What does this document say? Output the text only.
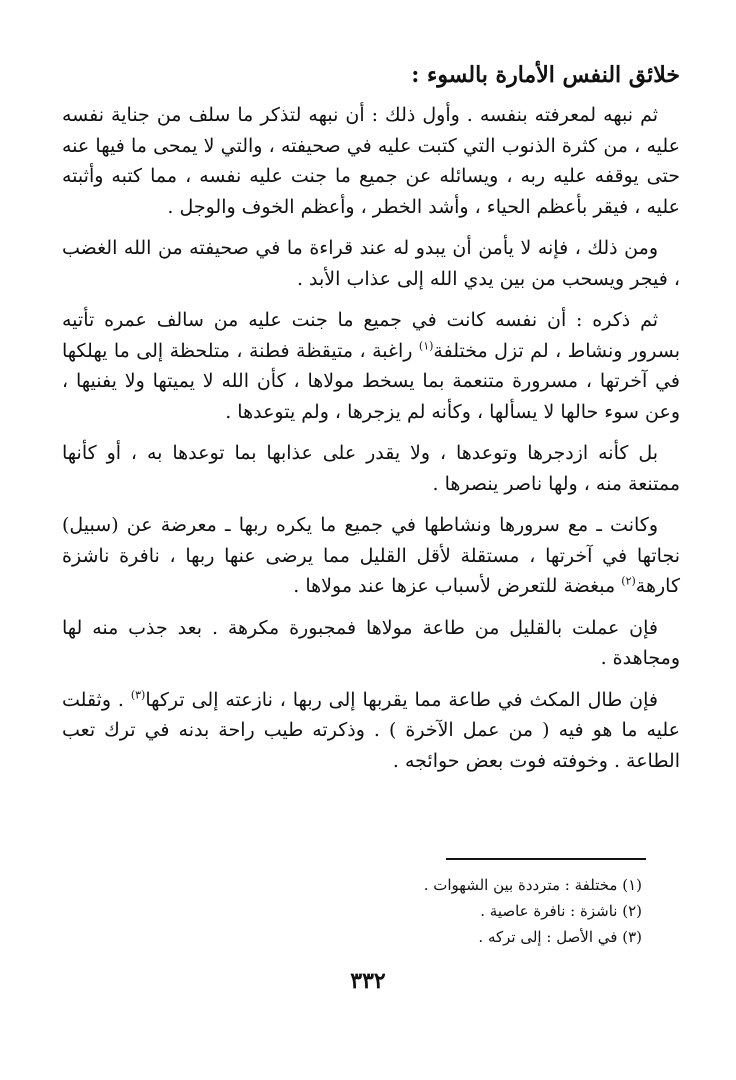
خلائق النفس الأمارة بالسوء :

ثم نبهه لمعرفته بنفسه . وأول ذلك : أن نبهه لتذكر ما سلف من جناية نفسه عليه ، من كثرة الذنوب التي كتبت عليه في صحيفته ، والتي لا يمحى ما فيها عنه حتى يوقفه عليه ربه ، ويسائله عن جميع ما جنت عليه نفسه ، مما كتبه وأثبته عليه ، فيقر بأعظم الحياء ، وأشد الخطر ، وأعظم الخوف والوجل .

ومن ذلك ، فإنه لا يأمن أن يبدو له عند قراءة ما في صحيفته من الله الغضب ، فيجر ويسحب من بين يدي الله إلى عذاب الأبد .

ثم ذكره : أن نفسه كانت في جميع ما جنت عليه من سالف عمره تأتيه بسرور ونشاط ، لم تزل مختلفة$^{(١)}$ راغبة ، متيقظة فطنة ، متلحظة إلى ما يهلكها في آخرتها ، مسرورة متنعمة بما يسخط مولاها ، كأن الله لا يميتها ولا يفنيها ، وعن سوء حالها لا يسألها ، وكأنه لم يزجرها ، ولم يتوعدها .

بل كأنه ازدجرها وتوعدها ، ولا يقدر على عذابها بما توعدها به ، أو كأنها ممتنعة منه ، ولها ناصر ينصرها .

وكانت ـ مع سرورها ونشاطها في جميع ما يكره ربها ـ معرضة عن (سبيل) نجاتها في آخرتها ، مستقلة لأقل القليل مما يرضى عنها ربها ، نافرة ناشزة كارهة$^{(٢)}$ مبغضة للتعرض لأسباب عزها عند مولاها .

فإن عملت بالقليل من طاعة مولاها فمجبورة مكرهة . بعد جذب منه لها ومجاهدة .

فإن طال المكث في طاعة مما يقربها إلى ربها ، نازعته إلى تركها$^{(٣)}$ . وثقلت عليه ما هو فيه ( من عمل الآخرة ) . وذكرته طيب راحة بدنه في ترك تعب الطاعة . وخوفته فوت بعض حوائجه .

(١) مختلفة : مترددة بين الشهوات .
(٢) ناشزة : نافرة عاصية .
(٣) في الأصل : إلى تركه .
٣٣٢
